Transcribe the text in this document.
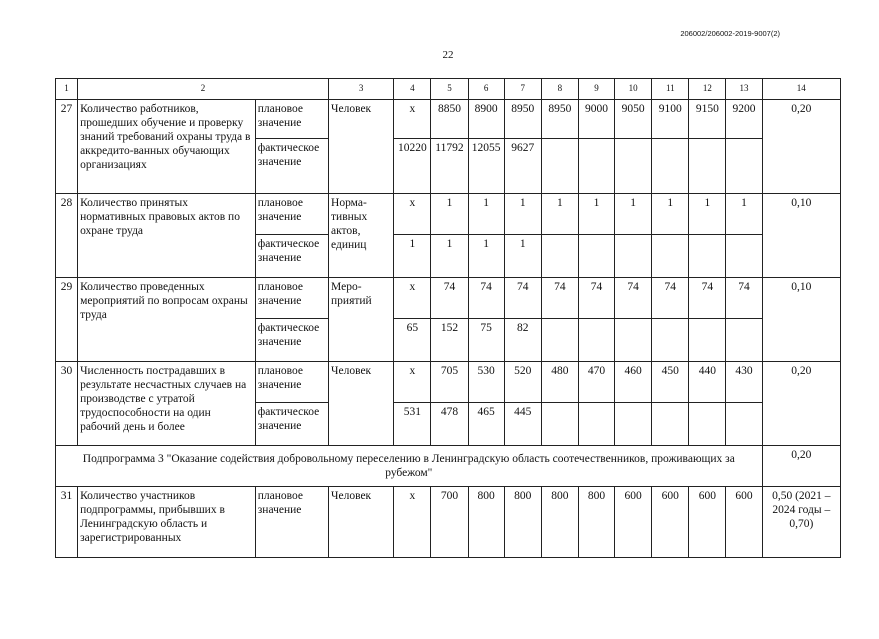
206002/206002-2019-9007(2)
22
1	2		3	4	5	6	7	8	9	10	11	12	13	14
27	Количество работников, прошедших обучение и проверку знаний требований охраны труда в аккредито-ванных обучающих организациях	плановое значение	Человек	x	8850	8900	8950	8950	9000	9050	9100	9150	9200	0,20
		фактическое значение		10220	11792	12055	9627							
28	Количество принятых нормативных правовых актов по охране труда	плановое значение	Норма-тивных актов, единиц	x	1	1	1	1	1	1	1	1	1	0,10
		фактическое значение		1	1	1	1							
29	Количество проведенных мероприятий по вопросам охраны труда	плановое значение	Меро-приятий	x	74	74	74	74	74	74	74	74	74	0,10
		фактическое значение		65	152	75	82							
30	Численность пострадавших в результате несчастных случаев на производстве с утратой трудоспособности на один рабочий день и более	плановое значение	Человек	x	705	530	520	480	470	460	450	440	430	0,20
		фактическое значение		531	478	465	445							
Подпрограмма 3 "Оказание содействия добровольному переселению в Ленинградскую область соотечественников, проживающих за рубежом"														0,20
31	Количество участников подпрограммы, прибывших в Ленинградскую область и зарегистрированных	плановое значение	Человек	x	700	800	800	800	800	600	600	600	600	0,50 (2021 – 2024 годы – 0,70)
